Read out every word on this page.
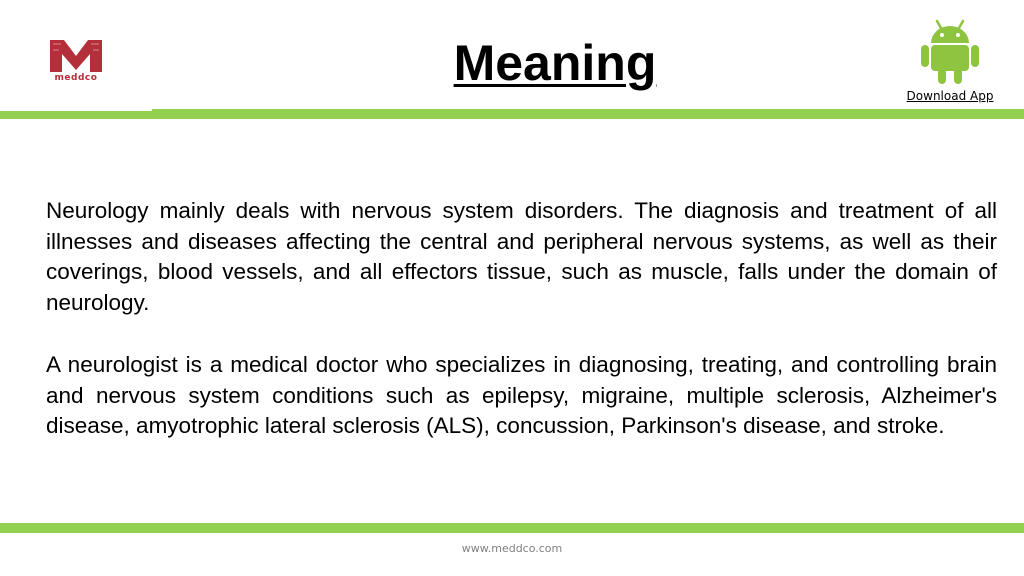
meddco	Meaning
Download App

Neurology mainly deals with nervous system disorders. The diagnosis and treatment of all illnesses and diseases affecting the central and peripheral nervous systems, as well as their coverings, blood vessels, and all effectors tissue, such as muscle, falls under the domain of neurology.

A neurologist is a medical doctor who specializes in diagnosing, treating, and controlling brain and nervous system conditions such as epilepsy, migraine, multiple sclerosis, Alzheimer's disease, amyotrophic lateral sclerosis (ALS), concussion, Parkinson's disease, and stroke.

www.meddco.com
